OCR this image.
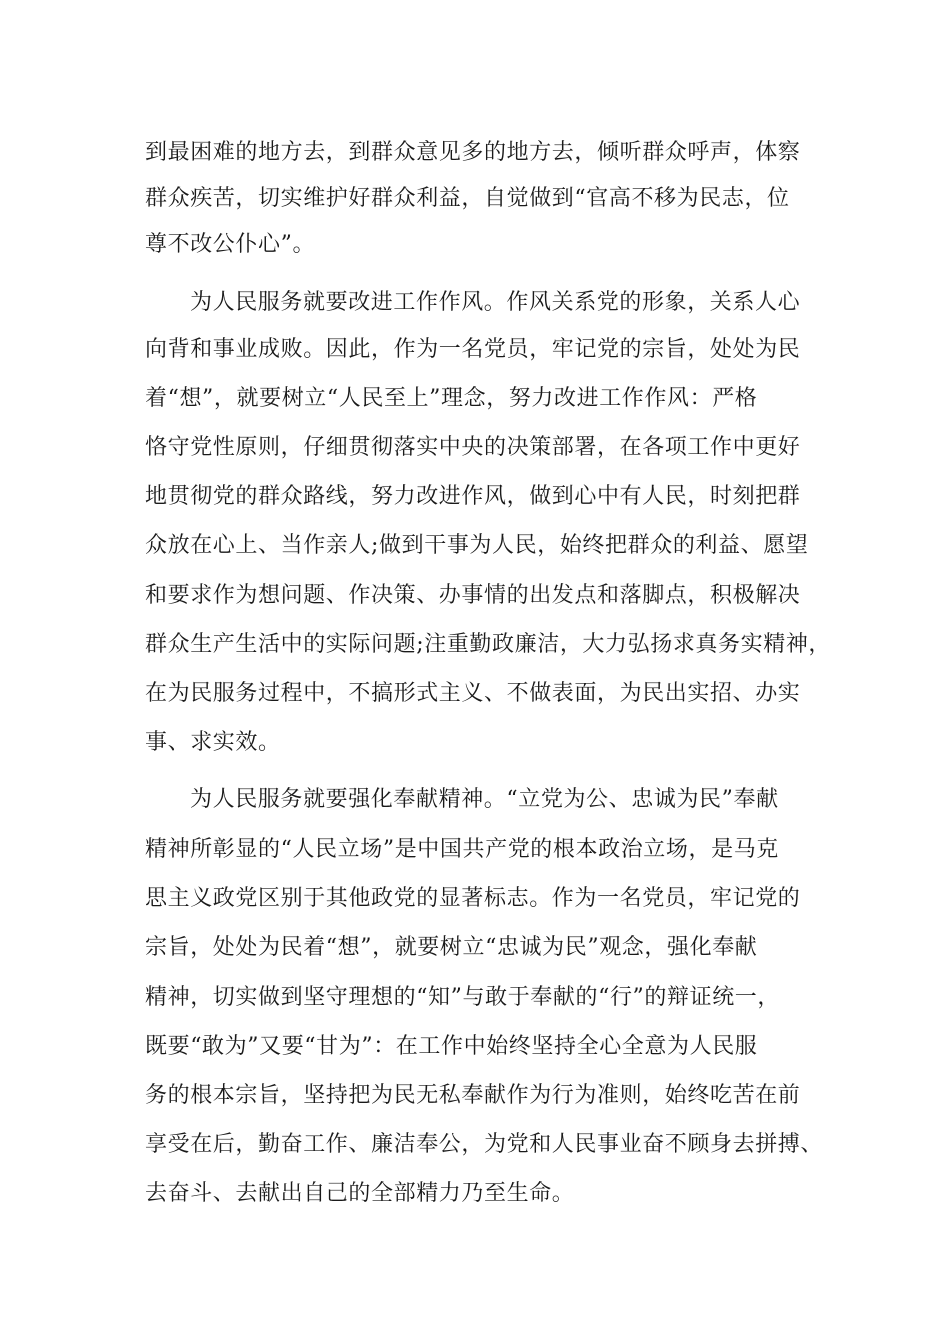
到最困难的地方去，到群众意见多的地方去，倾听群众呼声，体察
群众疾苦，切实维护好群众利益，自觉做到“官高不移为民志，位
尊不改公仆心”。
为人民服务就要改进工作作风。作风关系党的形象，关系人心
向背和事业成败。因此，作为一名党员，牢记党的宗旨，处处为民
着“想”，就要树立“人民至上”理念，努力改进工作作风：严格
恪守党性原则，仔细贯彻落实中央的决策部署，在各项工作中更好
地贯彻党的群众路线，努力改进作风，做到心中有人民，时刻把群
众放在心上、当作亲人;做到干事为人民，始终把群众的利益、愿望
和要求作为想问题、作决策、办事情的出发点和落脚点，积极解决
群众生产生活中的实际问题;注重勤政廉洁，大力弘扬求真务实精神，
在为民服务过程中，不搞形式主义、不做表面，为民出实招、办实
事、求实效。
为人民服务就要强化奉献精神。“立党为公、忠诚为民”奉献
精神所彰显的“人民立场”是中国共产党的根本政治立场，是马克
思主义政党区别于其他政党的显著标志。作为一名党员，牢记党的
宗旨，处处为民着“想”，就要树立“忠诚为民”观念，强化奉献
精神，切实做到坚守理想的“知”与敢于奉献的“行”的辩证统一，
既要“敢为”又要“甘为”：在工作中始终坚持全心全意为人民服
务的根本宗旨，坚持把为民无私奉献作为行为准则，始终吃苦在前
享受在后，勤奋工作、廉洁奉公，为党和人民事业奋不顾身去拼搏、
去奋斗、去献出自己的全部精力乃至生命。
